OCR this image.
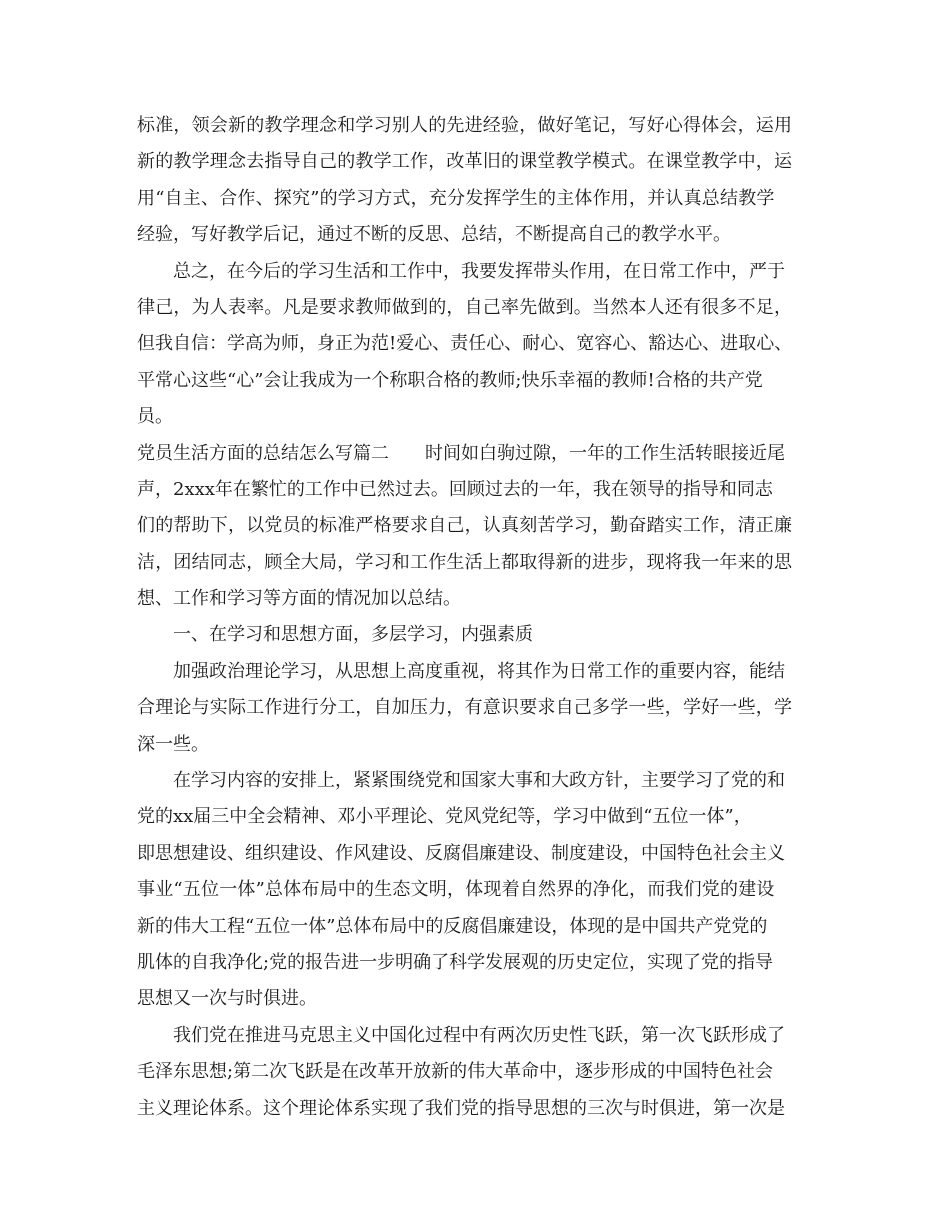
标准，领会新的教学理念和学习别人的先进经验，做好笔记，写好心得体会，运用
新的教学理念去指导自己的教学工作，改革旧的课堂教学模式。在课堂教学中，运
用“自主、合作、探究”的学习方式，充分发挥学生的主体作用，并认真总结教学
经验，写好教学后记，通过不断的反思、总结，不断提高自己的教学水平。
总之，在今后的学习生活和工作中，我要发挥带头作用，在日常工作中，严于
律己，为人表率。凡是要求教师做到的，自己率先做到。当然本人还有很多不足，
但我自信：学高为师，身正为范!爱心、责任心、耐心、宽容心、豁达心、进取心、
平常心这些“心”会让我成为一个称职合格的教师;快乐幸福的教师!合格的共产党
员。
党员生活方面的总结怎么写篇二　　时间如白驹过隙，一年的工作生活转眼接近尾
声，2xxx年在繁忙的工作中已然过去。回顾过去的一年，我在领导的指导和同志
们的帮助下，以党员的标准严格要求自己，认真刻苦学习，勤奋踏实工作，清正廉
洁，团结同志，顾全大局，学习和工作生活上都取得新的进步，现将我一年来的思
想、工作和学习等方面的情况加以总结。
一、在学习和思想方面，多层学习，内强素质
加强政治理论学习，从思想上高度重视，将其作为日常工作的重要内容，能结
合理论与实际工作进行分工，自加压力，有意识要求自己多学一些，学好一些，学
深一些。
在学习内容的安排上，紧紧围绕党和国家大事和大政方针，主要学习了党的和
党的xx届三中全会精神、邓小平理论、党风党纪等，学习中做到“五位一体”，
即思想建设、组织建设、作风建设、反腐倡廉建设、制度建设，中国特色社会主义
事业“五位一体”总体布局中的生态文明，体现着自然界的净化，而我们党的建设
新的伟大工程“五位一体”总体布局中的反腐倡廉建设，体现的是中国共产党党的
肌体的自我净化;党的报告进一步明确了科学发展观的历史定位，实现了党的指导
思想又一次与时俱进。
我们党在推进马克思主义中国化过程中有两次历史性飞跃，第一次飞跃形成了
毛泽东思想;第二次飞跃是在改革开放新的伟大革命中，逐步形成的中国特色社会
主义理论体系。这个理论体系实现了我们党的指导思想的三次与时俱进，第一次是
